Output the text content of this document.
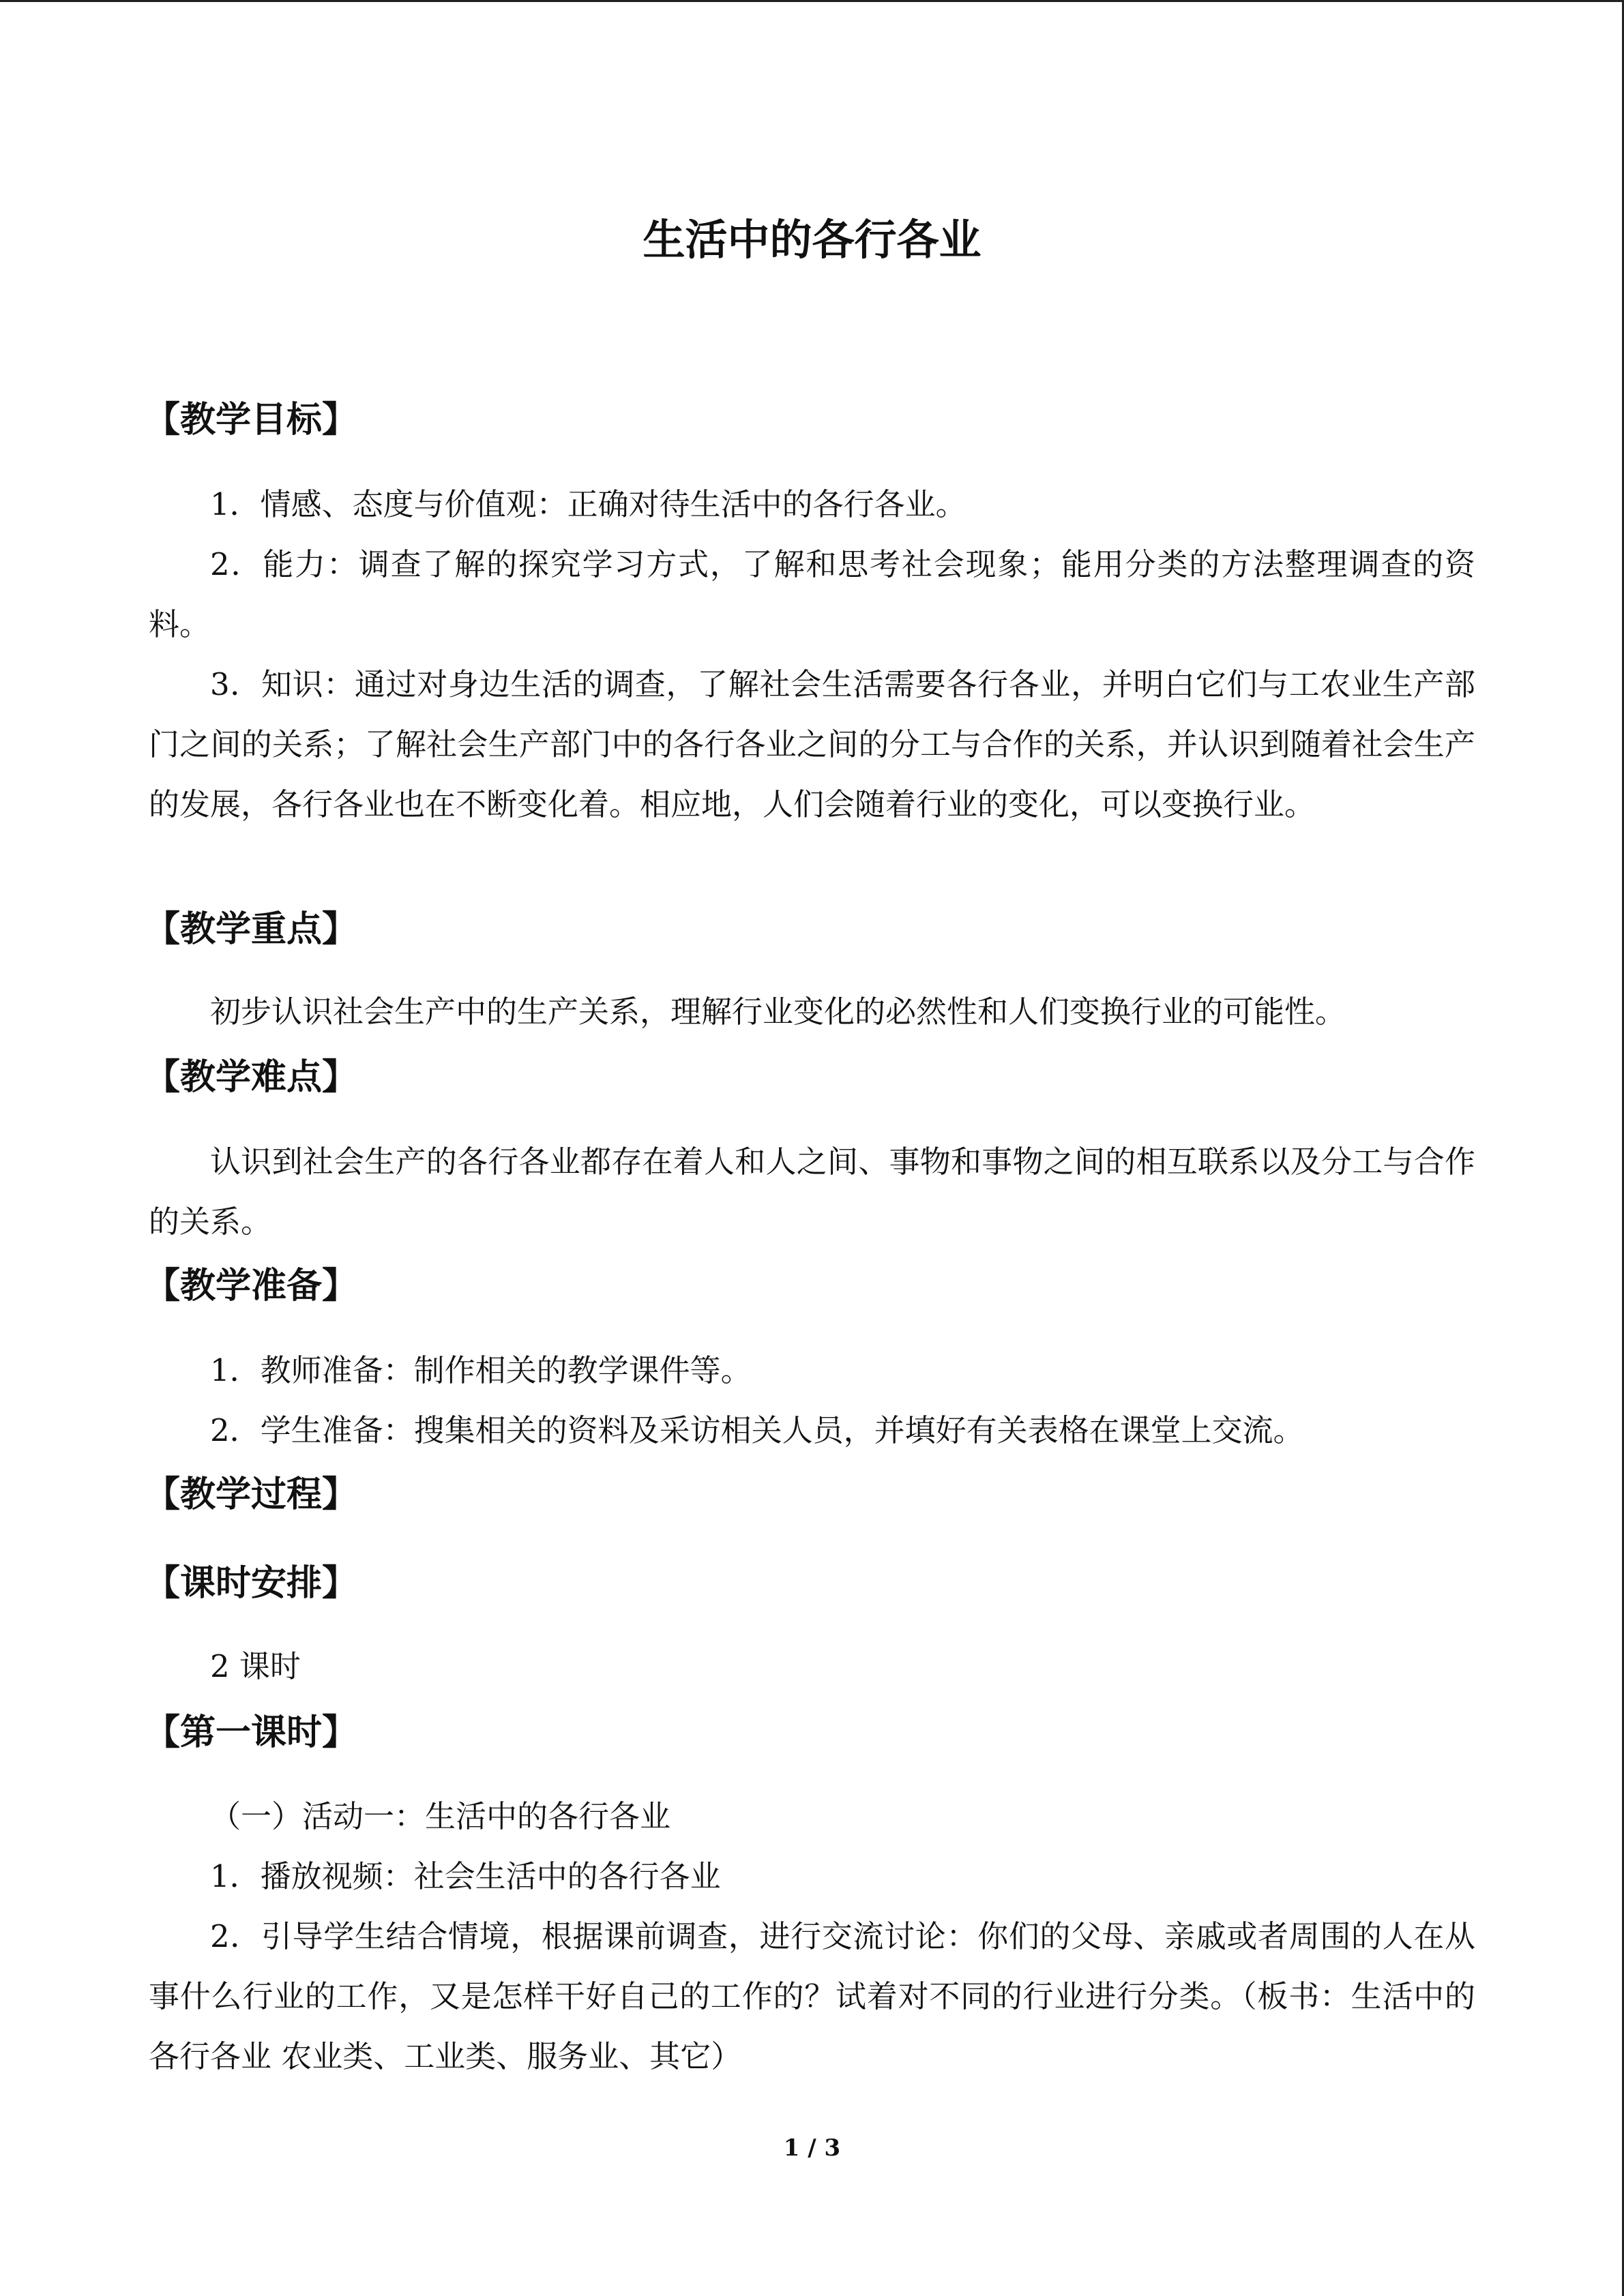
生活中的各行各业
【教学目标】

1．情感、态度与价值观：正确对待生活中的各行各业。

2．能力：调查了解的探究学习方式，了解和思考社会现象；能用分类的方法整理调查的资料。

3．知识：通过对身边生活的调查，了解社会生活需要各行各业，并明白它们与工农业生产部门之间的关系；了解社会生产部门中的各行各业之间的分工与合作的关系，并认识到随着社会生产的发展，各行各业也在不断变化着。相应地，人们会随着行业的变化，可以变换行业。

【教学重点】

初步认识社会生产中的生产关系，理解行业变化的必然性和人们变换行业的可能性。

【教学难点】

认识到社会生产的各行各业都存在着人和人之间、事物和事物之间的相互联系以及分工与合作的关系。

【教学准备】

1．教师准备：制作相关的教学课件等。

2．学生准备：搜集相关的资料及采访相关人员，并填好有关表格在课堂上交流。

【教学过程】
【课时安排】

2 课时

【第一课时】

（一）活动一：生活中的各行各业

1．播放视频：社会生活中的各行各业

2．引导学生结合情境，根据课前调查，进行交流讨论：你们的父母、亲戚或者周围的人在从事什么行业的工作，又是怎样干好自己的工作的？试着对不同的行业进行分类。（板书：生活中的各行各业 农业类、工业类、服务业、其它）

1 / 3
